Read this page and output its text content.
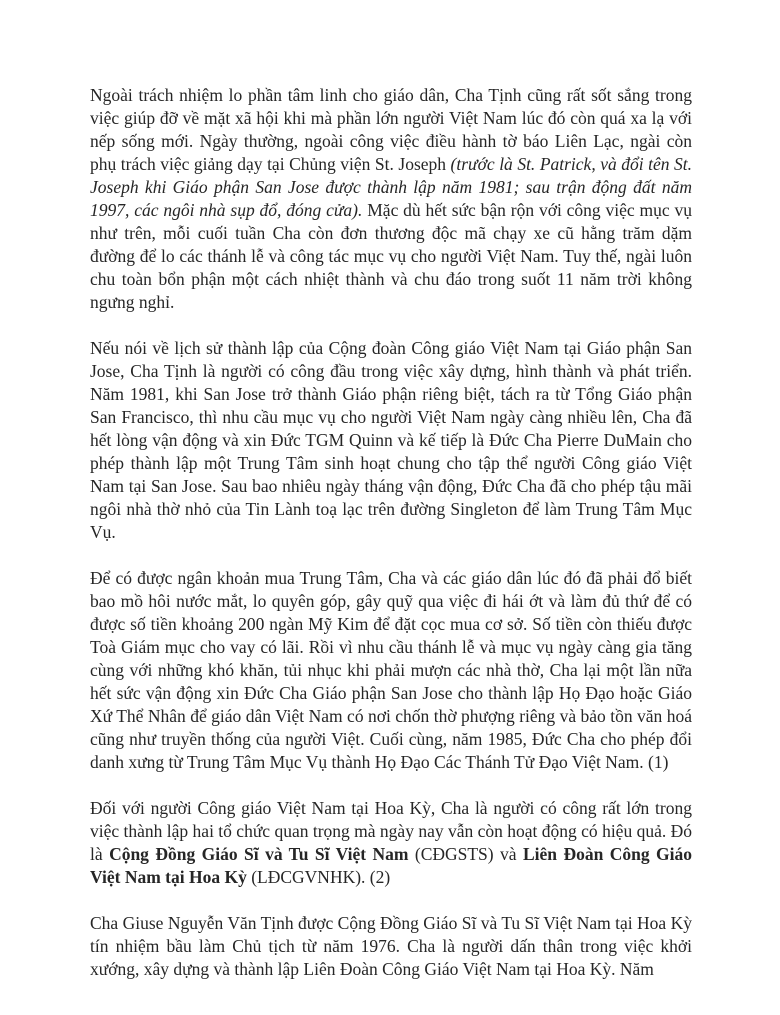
Ngoài trách nhiệm lo phần tâm linh cho giáo dân, Cha Tịnh cũng rất sốt sắng trong việc giúp đỡ về mặt xã hội khi mà phần lớn người Việt Nam lúc đó còn quá xa lạ với nếp sống mới. Ngày thường, ngoài công việc điều hành tờ báo Liên Lạc, ngài còn phụ trách việc giảng dạy tại Chủng viện St. Joseph (trước là St. Patrick, và đổi tên St. Joseph khi Giáo phận San Jose được thành lập năm 1981; sau trận động đất năm 1997, các ngôi nhà sụp đổ, đóng cửa). Mặc dù hết sức bận rộn với công việc mục vụ như trên, mỗi cuối tuần Cha còn đơn thương độc mã chạy xe cũ hằng trăm dặm đường để lo các thánh lễ và công tác mục vụ cho người Việt Nam. Tuy thế, ngài luôn chu toàn bổn phận một cách nhiệt thành và chu đáo trong suốt 11 năm trời không ngưng nghỉ.

Nếu nói về lịch sử thành lập của Cộng đoàn Công giáo Việt Nam tại Giáo phận San Jose, Cha Tịnh là người có công đầu trong việc xây dựng, hình thành và phát triển. Năm 1981, khi San Jose trở thành Giáo phận riêng biệt, tách ra từ Tổng Giáo phận San Francisco, thì nhu cầu mục vụ cho người Việt Nam ngày càng nhiều lên, Cha đã hết lòng vận động và xin Đức TGM Quinn và kế tiếp là Đức Cha Pierre DuMain cho phép thành lập một Trung Tâm sinh hoạt chung cho tập thể người Công giáo Việt Nam tại San Jose. Sau bao nhiêu ngày tháng vận động, Đức Cha đã cho phép tậu mãi ngôi nhà thờ nhỏ của Tin Lành toạ lạc trên đường Singleton để làm Trung Tâm Mục Vụ.

Để có được ngân khoản mua Trung Tâm, Cha và các giáo dân lúc đó đã phải đổ biết bao mồ hôi nước mắt, lo quyên góp, gây quỹ qua việc đi hái ớt và làm đủ thứ để có được số tiền khoảng 200 ngàn Mỹ Kim để đặt cọc mua cơ sở. Số tiền còn thiếu được Toà Giám mục cho vay có lãi. Rồi vì nhu cầu thánh lễ và mục vụ ngày càng gia tăng cùng với những khó khăn, tủi nhục khi phải mượn các nhà thờ, Cha lại một lần nữa hết sức vận động xin Đức Cha Giáo phận San Jose cho thành lập Họ Đạo hoặc Giáo Xứ Thể Nhân để giáo dân Việt Nam có nơi chốn thờ phượng riêng và bảo tồn văn hoá cũng như truyền thống của người Việt. Cuối cùng, năm 1985, Đức Cha cho phép đổi danh xưng từ Trung Tâm Mục Vụ thành Họ Đạo Các Thánh Tử Đạo Việt Nam. (1)

Đối với người Công giáo Việt Nam tại Hoa Kỳ, Cha là người có công rất lớn trong việc thành lập hai tổ chức quan trọng mà ngày nay vẫn còn hoạt động có hiệu quả. Đó là Cộng Đồng Giáo Sĩ và Tu Sĩ Việt Nam (CĐGSTS) và Liên Đoàn Công Giáo Việt Nam tại Hoa Kỳ (LĐCGVNHK). (2)

Cha Giuse Nguyễn Văn Tịnh được Cộng Đồng Giáo Sĩ và Tu Sĩ Việt Nam tại Hoa Kỳ tín nhiệm bầu làm Chủ tịch từ năm 1976. Cha là người dấn thân trong việc khởi xướng, xây dựng và thành lập Liên Đoàn Công Giáo Việt Nam tại Hoa Kỳ. Năm
